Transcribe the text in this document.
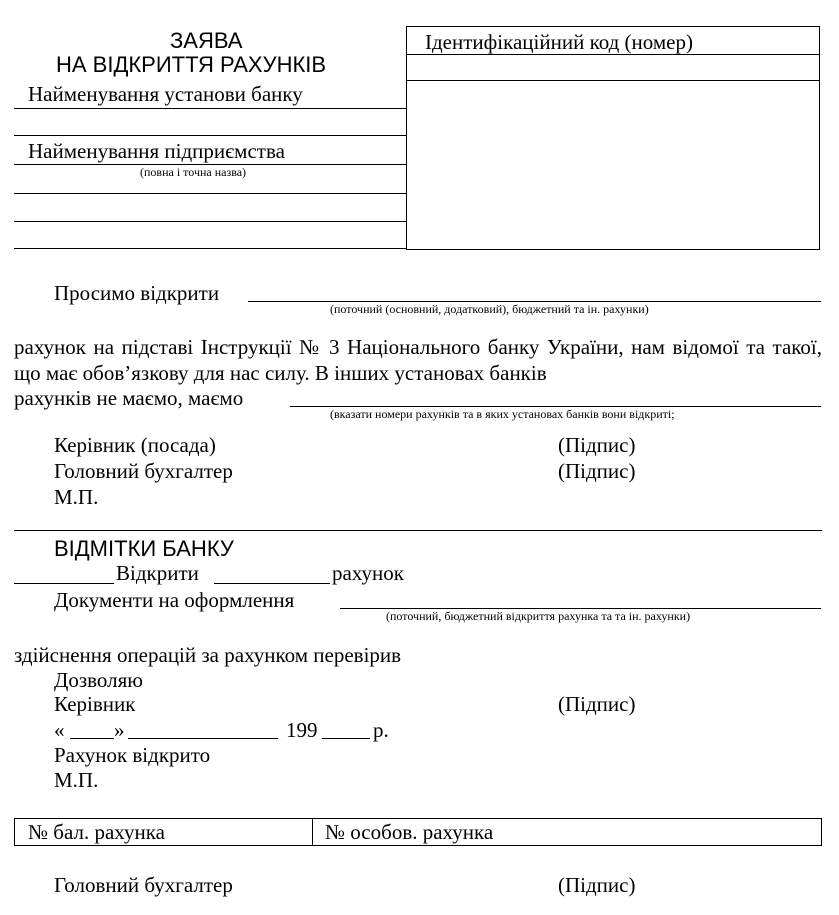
ЗАЯВА
НА ВІДКРИТТЯ РАХУНКІВ
Найменування установи банку
Найменування підприємства
(повна і точна назва)
Ідентифікаційний код (номер)
Просимо відкрити
(поточний (основний, додатковий), бюджетний та ін. рахунки)
рахунок на підставі Інструкції № 3 Національного банку України, нам відомої та такої, що має обов’язкову для нас силу. В інших установах банків
рахунків не маємо, маємо
(вказати номери рахунків та в яких установах банків вони відкриті;
Керівник (посада)	(Підпис)
Головний бухгалтер	(Підпис)
М.П.
ВІДМІТКИ БАНКУ
Відкрити	рахунок
Документи на оформлення
(поточний, бюджетний відкриття рахунка та та ін. рахунки)
здійснення операцій за рахунком перевірив
Дозволяю
Керівник	(Підпис)
« »	199	р.
Рахунок відкрито
М.П.
№ бал. рахунка	№ особов. рахунка
Головний бухгалтер	(Підпис)
